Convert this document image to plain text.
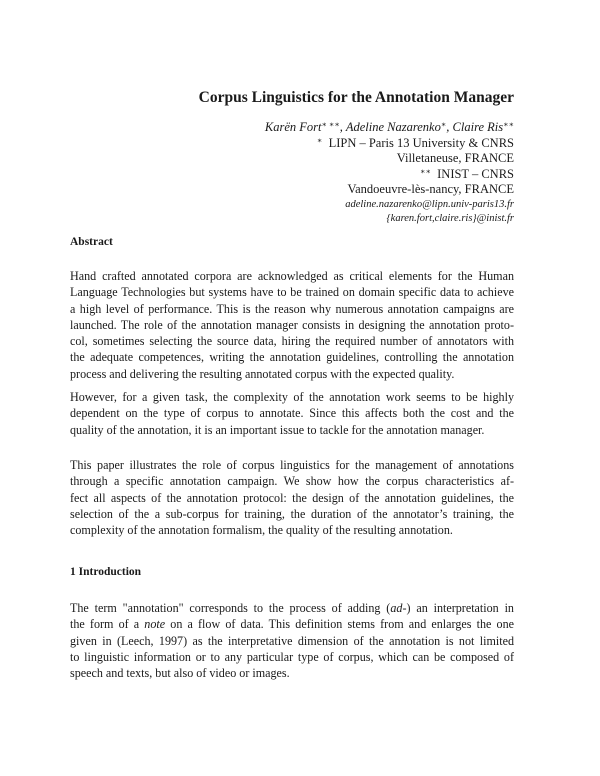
Corpus Linguistics for the Annotation Manager
Karën Fort∗ ∗∗, Adeline Nazarenko∗, Claire Ris∗∗
∗ LIPN – Paris 13 University & CNRS
Villetaneuse, FRANCE
∗∗ INIST – CNRS
Vandoeuvre-lès-nancy, FRANCE
adeline.nazarenko@lipn.univ-paris13.fr
{karen.fort,claire.ris}@inist.fr
Abstract
Hand crafted annotated corpora are acknowledged as critical elements for the Human
Language Technologies but systems have to be trained on domain specific data to achieve
a high level of performance. This is the reason why numerous annotation campaigns are
launched. The role of the annotation manager consists in designing the annotation proto-
col, sometimes selecting the source data, hiring the required number of annotators with
the adequate competences, writing the annotation guidelines, controlling the annotation
process and delivering the resulting annotated corpus with the expected quality.
However, for a given task, the complexity of the annotation work seems to be highly
dependent on the type of corpus to annotate. Since this affects both the cost and the
quality of the annotation, it is an important issue to tackle for the annotation manager.
This paper illustrates the role of corpus linguistics for the management of annotations
through a specific annotation campaign. We show how the corpus characteristics af-
fect all aspects of the annotation protocol: the design of the annotation guidelines, the
selection of the a sub-corpus for training, the duration of the annotator’s training, the
complexity of the annotation formalism, the quality of the resulting annotation.
1 Introduction
The term "annotation" corresponds to the process of adding (ad-) an interpretation in
the form of a note on a flow of data. This definition stems from and enlarges the one
given in (Leech, 1997) as the interpretative dimension of the annotation is not limited
to linguistic information or to any particular type of corpus, which can be composed of
speech and texts, but also of video or images.
